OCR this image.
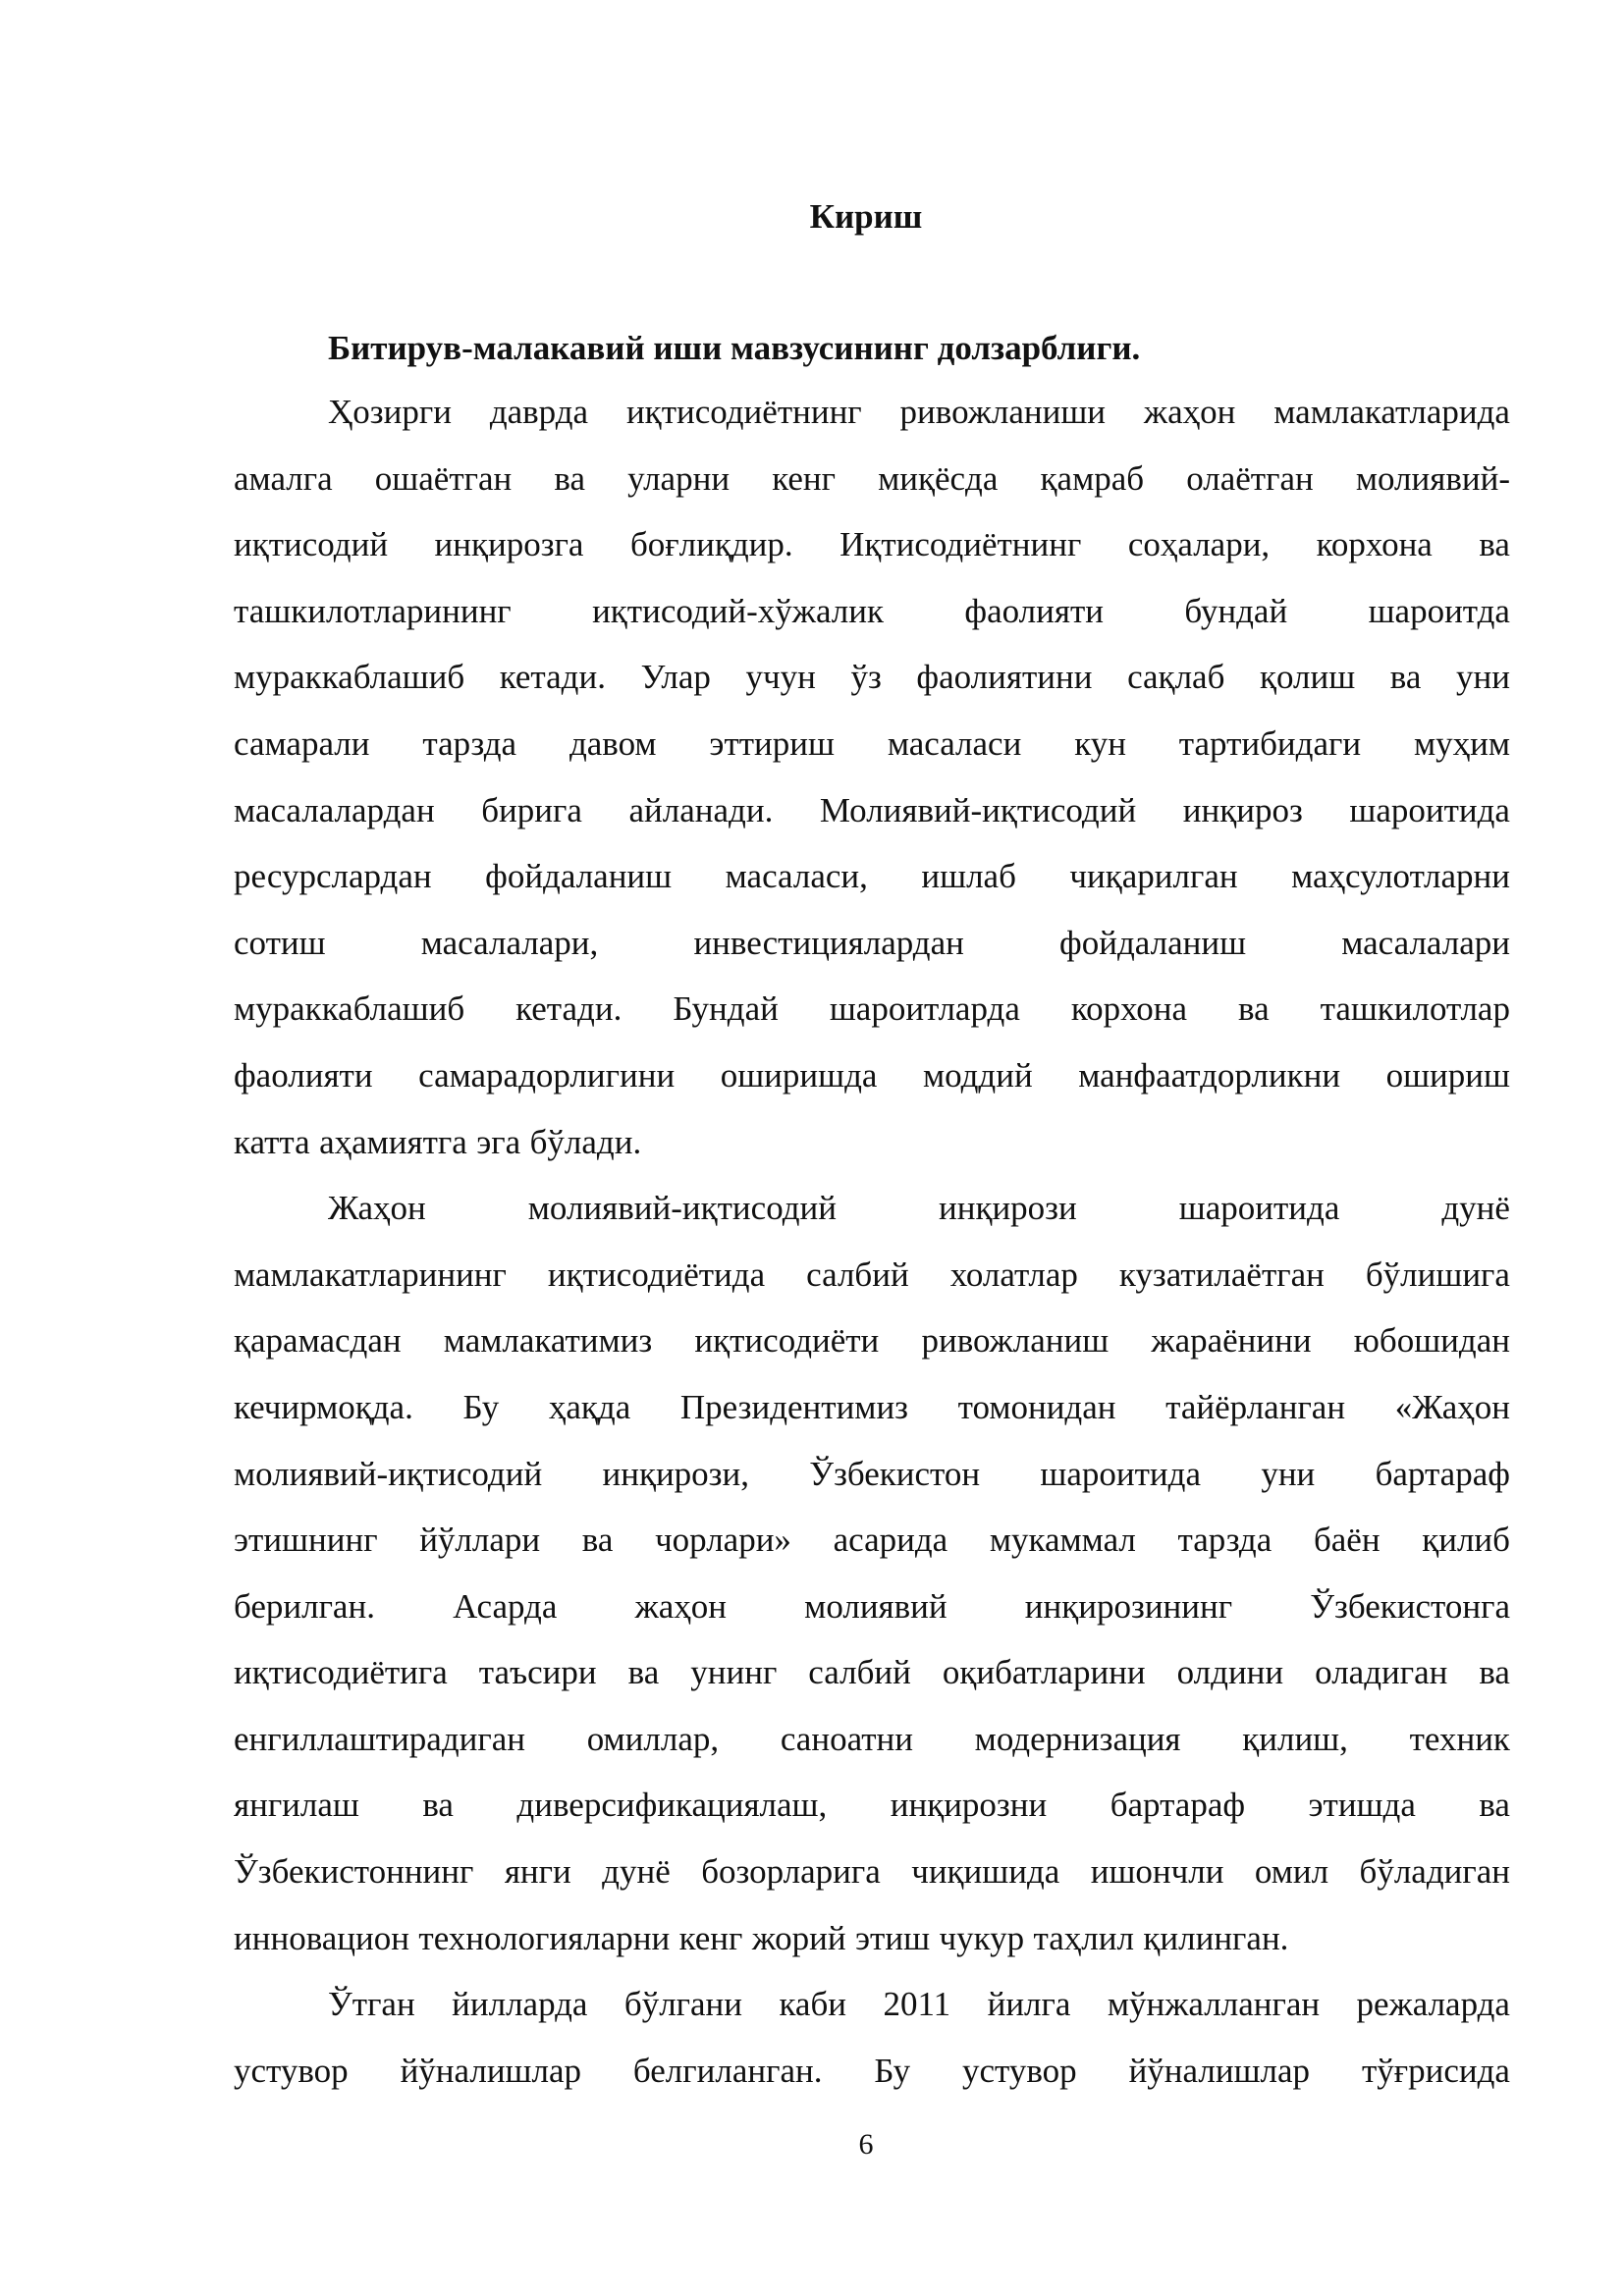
Кириш
Битирув-малакавий иши мавзусининг долзарблиги.
Ҳозирги даврда иқтисодиётнинг ривожланиши жаҳон мамлакатларида
амалга ошаётган ва уларни кенг миқёсда қамраб олаётган молиявий-
иқтисодий инқирозга боғлиқдир. Иқтисодиётнинг соҳалари, корхона ва
ташкилотларининг иқтисодий-хўжалик фаолияти бундай шароитда
мураккаблашиб кетади. Улар учун ўз фаолиятини сақлаб қолиш ва уни
самарали тарзда давом эттириш масаласи кун тартибидаги муҳим
масалалардан бирига айланади. Молиявий-иқтисодий инқироз шароитида
ресурслардан фойдаланиш масаласи, ишлаб чиқарилган маҳсулотларни
сотиш	масалалари,	инвестициялардан	фойдаланиш	масалалари
мураккаблашиб кетади. Бундай шароитларда корхона ва ташкилотлар
фаолияти самарадорлигини оширишда моддий манфаатдорликни ошириш
катта аҳамиятга эга бўлади.
Жаҳон	молиявий-иқтисодий	инқирози	шароитида	дунё
мамлакатларининг иқтисодиётида салбий холатлар кузатилаётган бўлишига
қарамасдан мамлакатимиз иқтисодиёти ривожланиш жараёнини юбошидан
кечирмоқда. Бу ҳақда Президентимиз томонидан тайёрланган «Жаҳон
молиявий-иқтисодий инқирози, Ўзбекистон шароитида уни бартараф
этишнинг йўллари ва чорлари» асарида мукаммал тарзда баён қилиб
берилган. Асарда жаҳон молиявий инқирозининг Ўзбекистонга
иқтисодиётига таъсири ва унинг салбий оқибатларини олдини оладиган ва
енгиллаштирадиган омиллар, саноатни модернизация қилиш, техник
янгилаш ва диверсификациялаш, инқирозни бартараф этишда ва
Ўзбекистоннинг янги дунё бозорларига чиқишида ишончли омил бўладиган
инновацион технологияларни кенг жорий этиш чукур таҳлил қилинган.
Ўтган йилларда бўлгани каби 2011 йилга мўнжалланган режаларда
устувор йўналишлар белгиланган. Бу устувор йўналишлар тўғрисида
6
